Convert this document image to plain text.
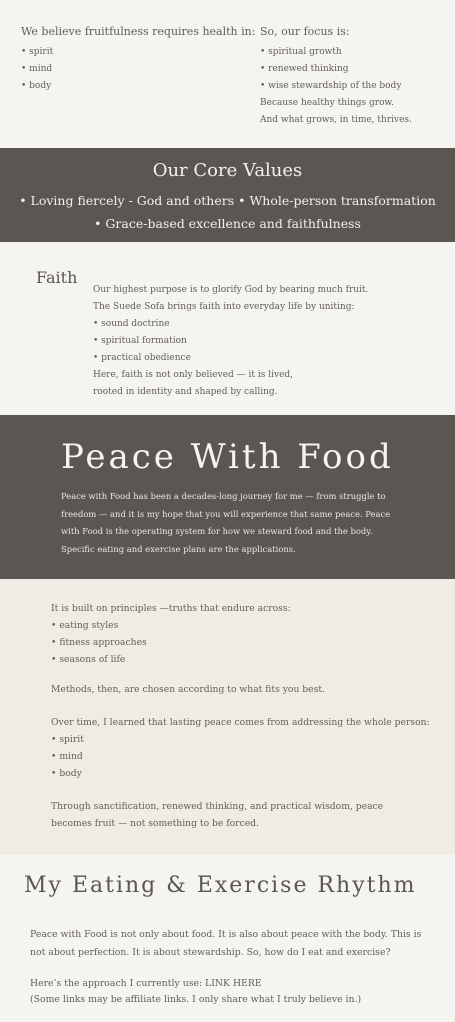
We believe fruitfulness requires health in:
• spirit
• mind
• body
So, our focus is:
• spiritual growth
• renewed thinking
• wise stewardship of the body
Because healthy things grow.
And what grows, in time, thrives.
Our Core Values
• Loving fiercely - God and others • Whole-person transformation
• Grace-based excellence and faithfulness
Faith
Our highest purpose is to glorify God by bearing much fruit.
The Suede Sofa brings faith into everyday life by uniting:
• sound doctrine
• spiritual formation
• practical obedience
Here, faith is not only believed — it is lived,
rooted in identity and shaped by calling.
Peace With Food
Peace with Food has been a decades-long journey for me — from struggle to freedom — and it is my hope that you will experience that same peace. Peace with Food is the operating system for how we steward food and the body. Specific eating and exercise plans are the applications.
It is built on principles —truths that endure across:
• eating styles
• fitness approaches
• seasons of life
Methods, then, are chosen according to what fits you best.
Over time, I learned that lasting peace comes from addressing the whole person:
• spirit
• mind
• body
Through sanctification, renewed thinking, and practical wisdom, peace becomes fruit — not something to be forced.
My Eating & Exercise Rhythm
Peace with Food is not only about food. It is also about peace with the body. This is not about perfection. It is about stewardship. So, how do I eat and exercise?
Here’s the approach I currently use: LINK HERE
(Some links may be affiliate links. I only share what I truly believe in.)
